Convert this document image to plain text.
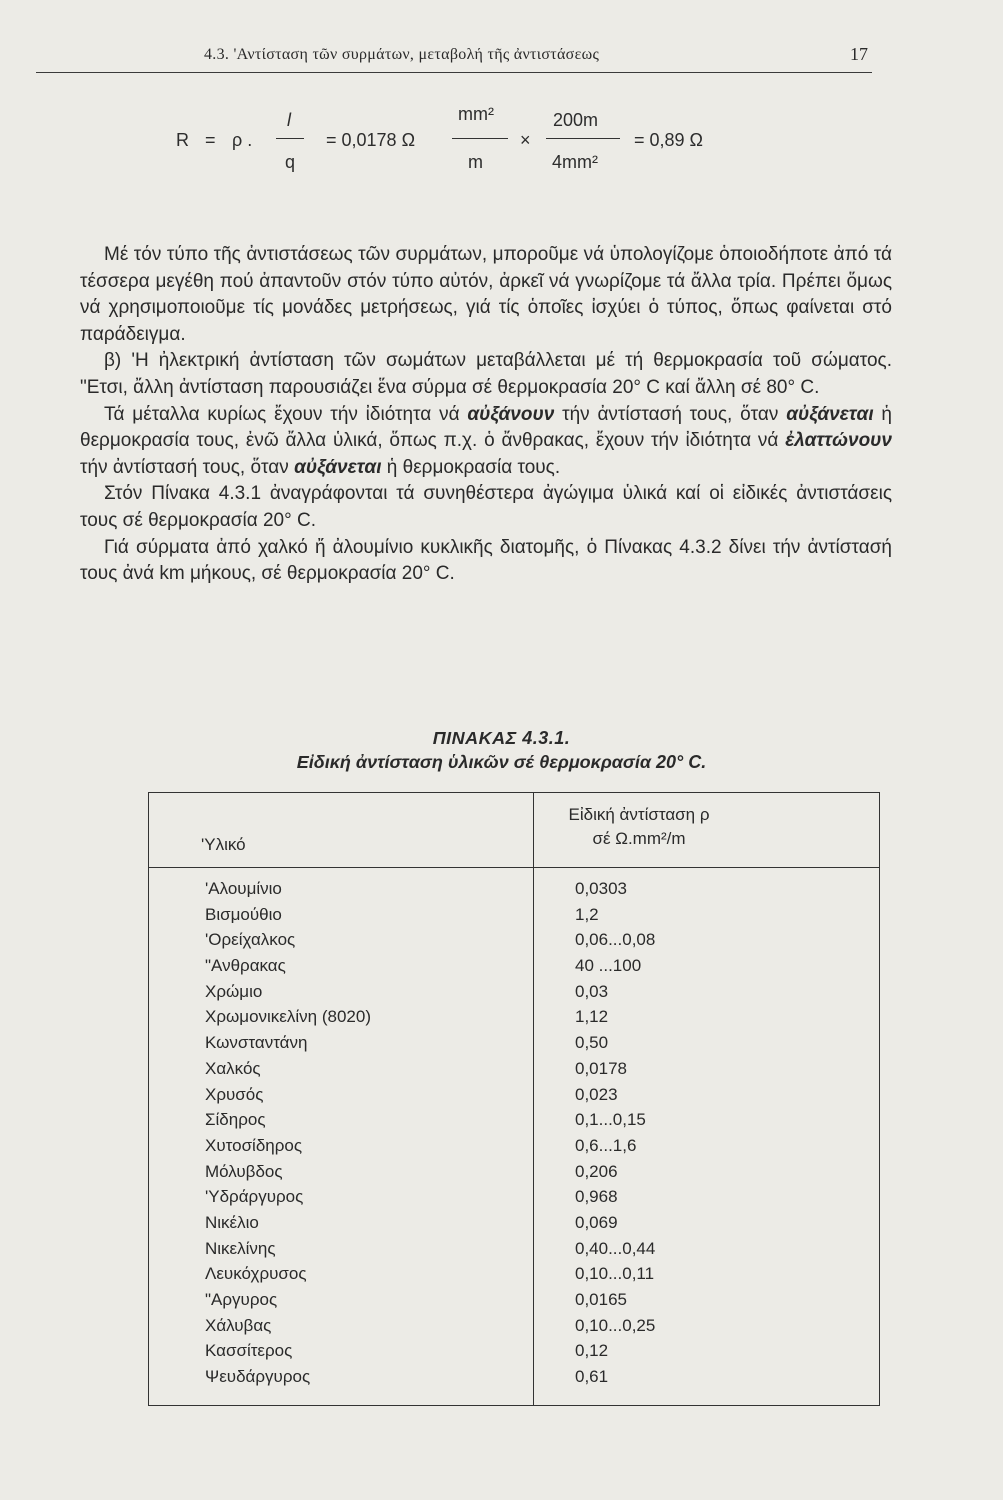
4.3. 'Αντίσταση τῶν συρμάτων, μεταβολή τῆς ἀντιστάσεως	17
R = ρ .
l
q
= 0,0178 Ω
mm²
m
×
200m
4mm²
= 0,89 Ω

Μέ τόν τύπο τῆς ἀντιστάσεως τῶν συρμάτων, μποροῦμε νά ὑπολογίζομε ὁποιοδήποτε ἀπό τά τέσσερα μεγέθη πού ἀπαντοῦν στόν τύπο αὐτόν, ἀρκεῖ νά γνωρίζομε τά ἄλλα τρία. Πρέπει ὅμως νά χρησιμοποιοῦμε τίς μονάδες μετρήσεως, γιά τίς ὁποῖες ἰσχύει ὁ τύπος, ὅπως φαίνεται στό παράδειγμα.

β) 'Η ἠλεκτρική ἀντίσταση τῶν σωμάτων μεταβάλλεται μέ τή θερμοκρασία τοῦ σώματος. "Ετσι, ἄλλη ἀντίσταση παρουσιάζει ἕνα σύρμα σέ θερμοκρασία 20° C καί ἄλλη σέ 80° C.

Τά μέταλλα κυρίως ἔχουν τήν ἰδιότητα νά αὐξάνουν τήν ἀντίστασή τους, ὅταν αὐξάνεται ἡ θερμοκρασία τους, ἐνῶ ἄλλα ὑλικά, ὅπως π.χ. ὁ ἄνθρακας, ἔχουν τήν ἰδιότητα νά ἐλαττώνουν τήν ἀντίστασή τους, ὅταν αὐξάνεται ἡ θερμοκρασία τους.

Στόν Πίνακα 4.3.1 ἀναγράφονται τά συνηθέστερα ἀγώγιμα ὑλικά καί οἱ εἰδικές ἀντιστάσεις τους σέ θερμοκρασία 20° C.

Γιά σύρματα ἀπό χαλκό ἤ ἀλουμίνιο κυκλικῆς διατομῆς, ὁ Πίνακας 4.3.2 δίνει τήν ἀντίστασή τους ἀνά km μήκους, σέ θερμοκρασία 20° C.

ΠΙΝΑΚΑΣ 4.3.1.
Εἰδική ἀντίσταση ὑλικῶν σέ θερμοκρασία 20° C.
'Υλικό
Εἰδική ἀντίσταση ρ
σέ Ω.mm²/m
'Αλουμίνιο	0,0303
Βισμούθιο	1,2
'Ορείχαλκος	0,06...0,08
"Ανθρακας	40 ...100
Χρώμιο	0,03
Χρωμονικελίνη (8020)	1,12
Κωνσταντάνη	0,50
Χαλκός	0,0178
Χρυσός	0,023
Σίδηρος	0,1...0,15
Χυτοσίδηρος	0,6...1,6
Μόλυβδος	0,206
'Υδράργυρος	0,968
Νικέλιο	0,069
Νικελίνης	0,40...0,44
Λευκόχρυσος	0,10...0,11
"Αργυρος	0,0165
Χάλυβας	0,10...0,25
Κασσίτερος	0,12
Ψευδάργυρος	0,61
